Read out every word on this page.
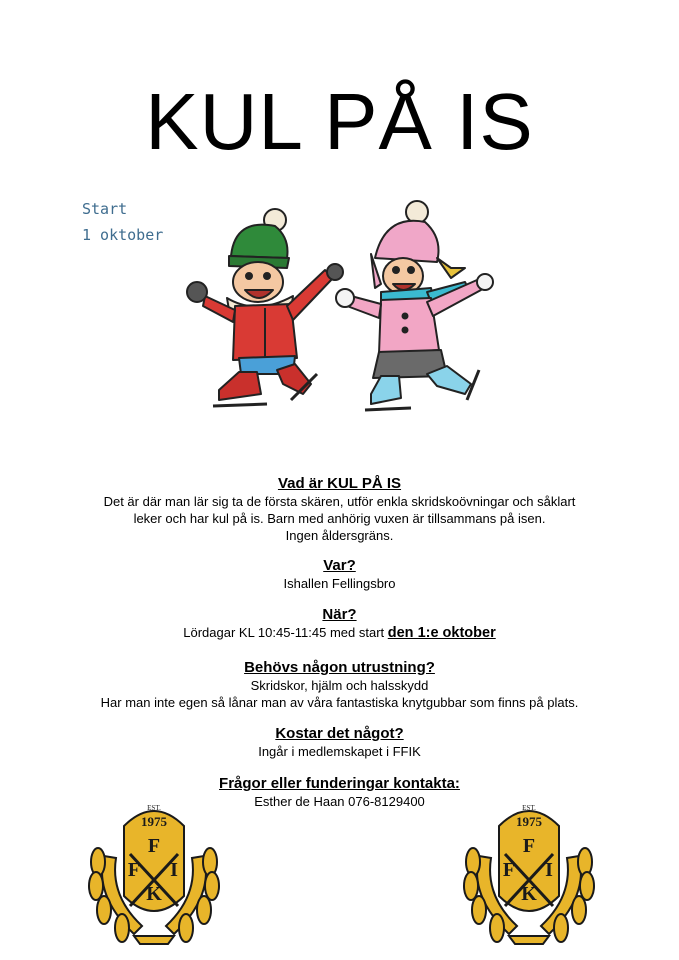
KUL PÅ IS
Start
1 oktober
Vad är KUL PÅ IS
Det är där man lär sig ta de första skären, utför enkla skridskoövningar och såklart
leker och har kul på is. Barn med anhörig vuxen är tillsammans på isen.
Ingen åldersgräns.
Var?
Ishallen Fellingsbro
När?
Lördagar KL 10:45-11:45 med start den 1:e oktober
Behövs någon utrustning?
Skridskor, hjälm och halsskydd
Har man inte egen så lånar man av våra fantastiska knytgubbar som finns på plats.
Kostar det något?
Ingår i medlemskapet i FFIK
Frågor eller funderingar kontakta:
Esther de Haan 076-8129400
EST.
1975
F
F I
K
EST.
1975
F
F I
K
